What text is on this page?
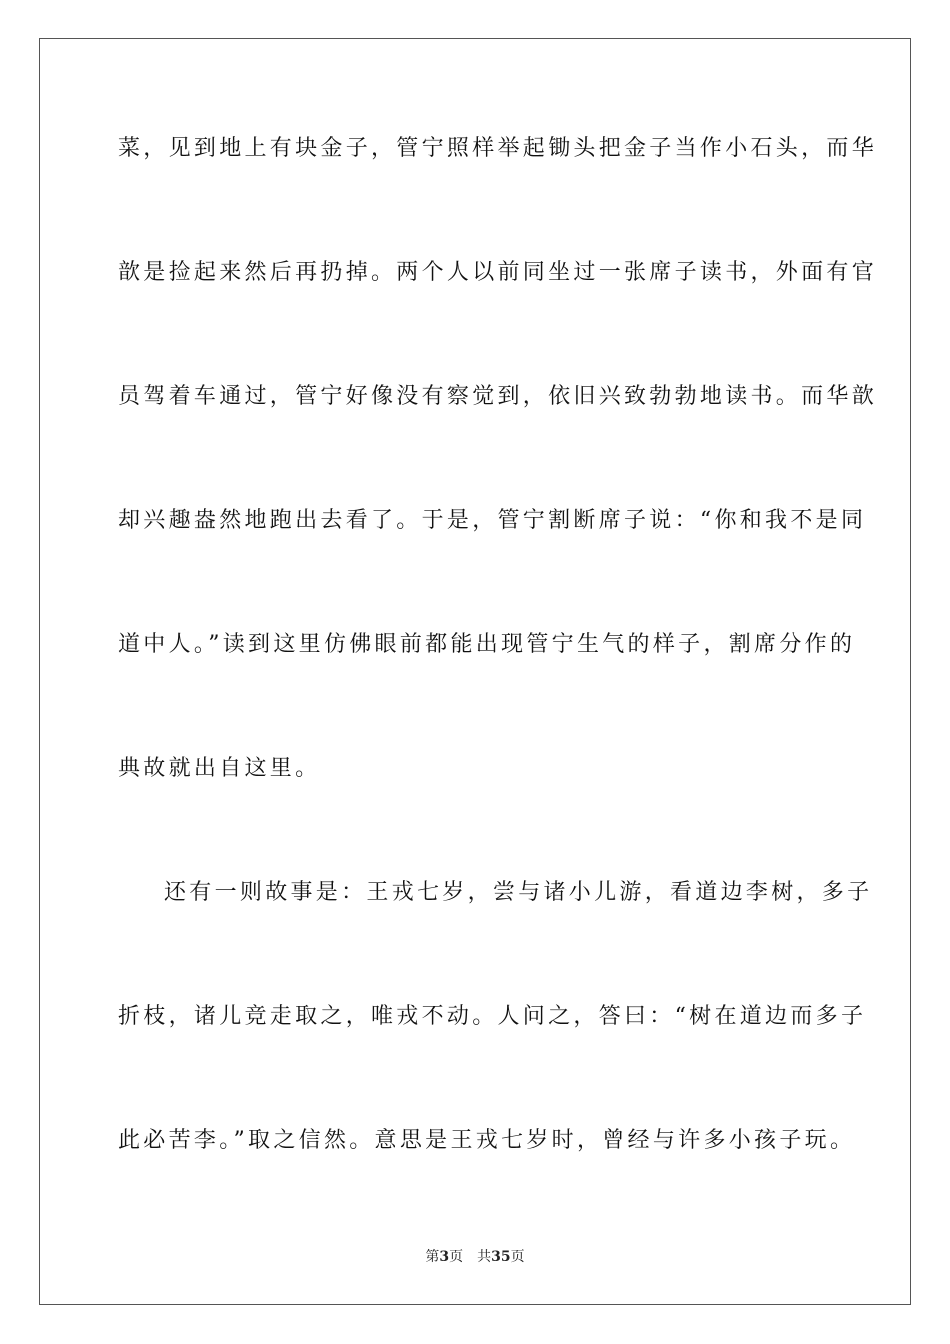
菜，见到地上有块金子，管宁照样举起锄头把金子当作小石头，而华
歆是捡起来然后再扔掉。两个人以前同坐过一张席子读书，外面有官
员驾着车通过，管宁好像没有察觉到，依旧兴致勃勃地读书。而华歆
却兴趣盎然地跑出去看了。于是，管宁割断席子说：“你和我不是同
道中人。”读到这里仿佛眼前都能出现管宁生气的样子，割席分作的
典故就出自这里。
还有一则故事是：王戎七岁，尝与诸小儿游，看道边李树，多子
折枝，诸儿竞走取之，唯戎不动。人问之，答曰：“树在道边而多子
此必苦李。”取之信然。意思是王戎七岁时，曾经与许多小孩子玩。
第3页 共35页
